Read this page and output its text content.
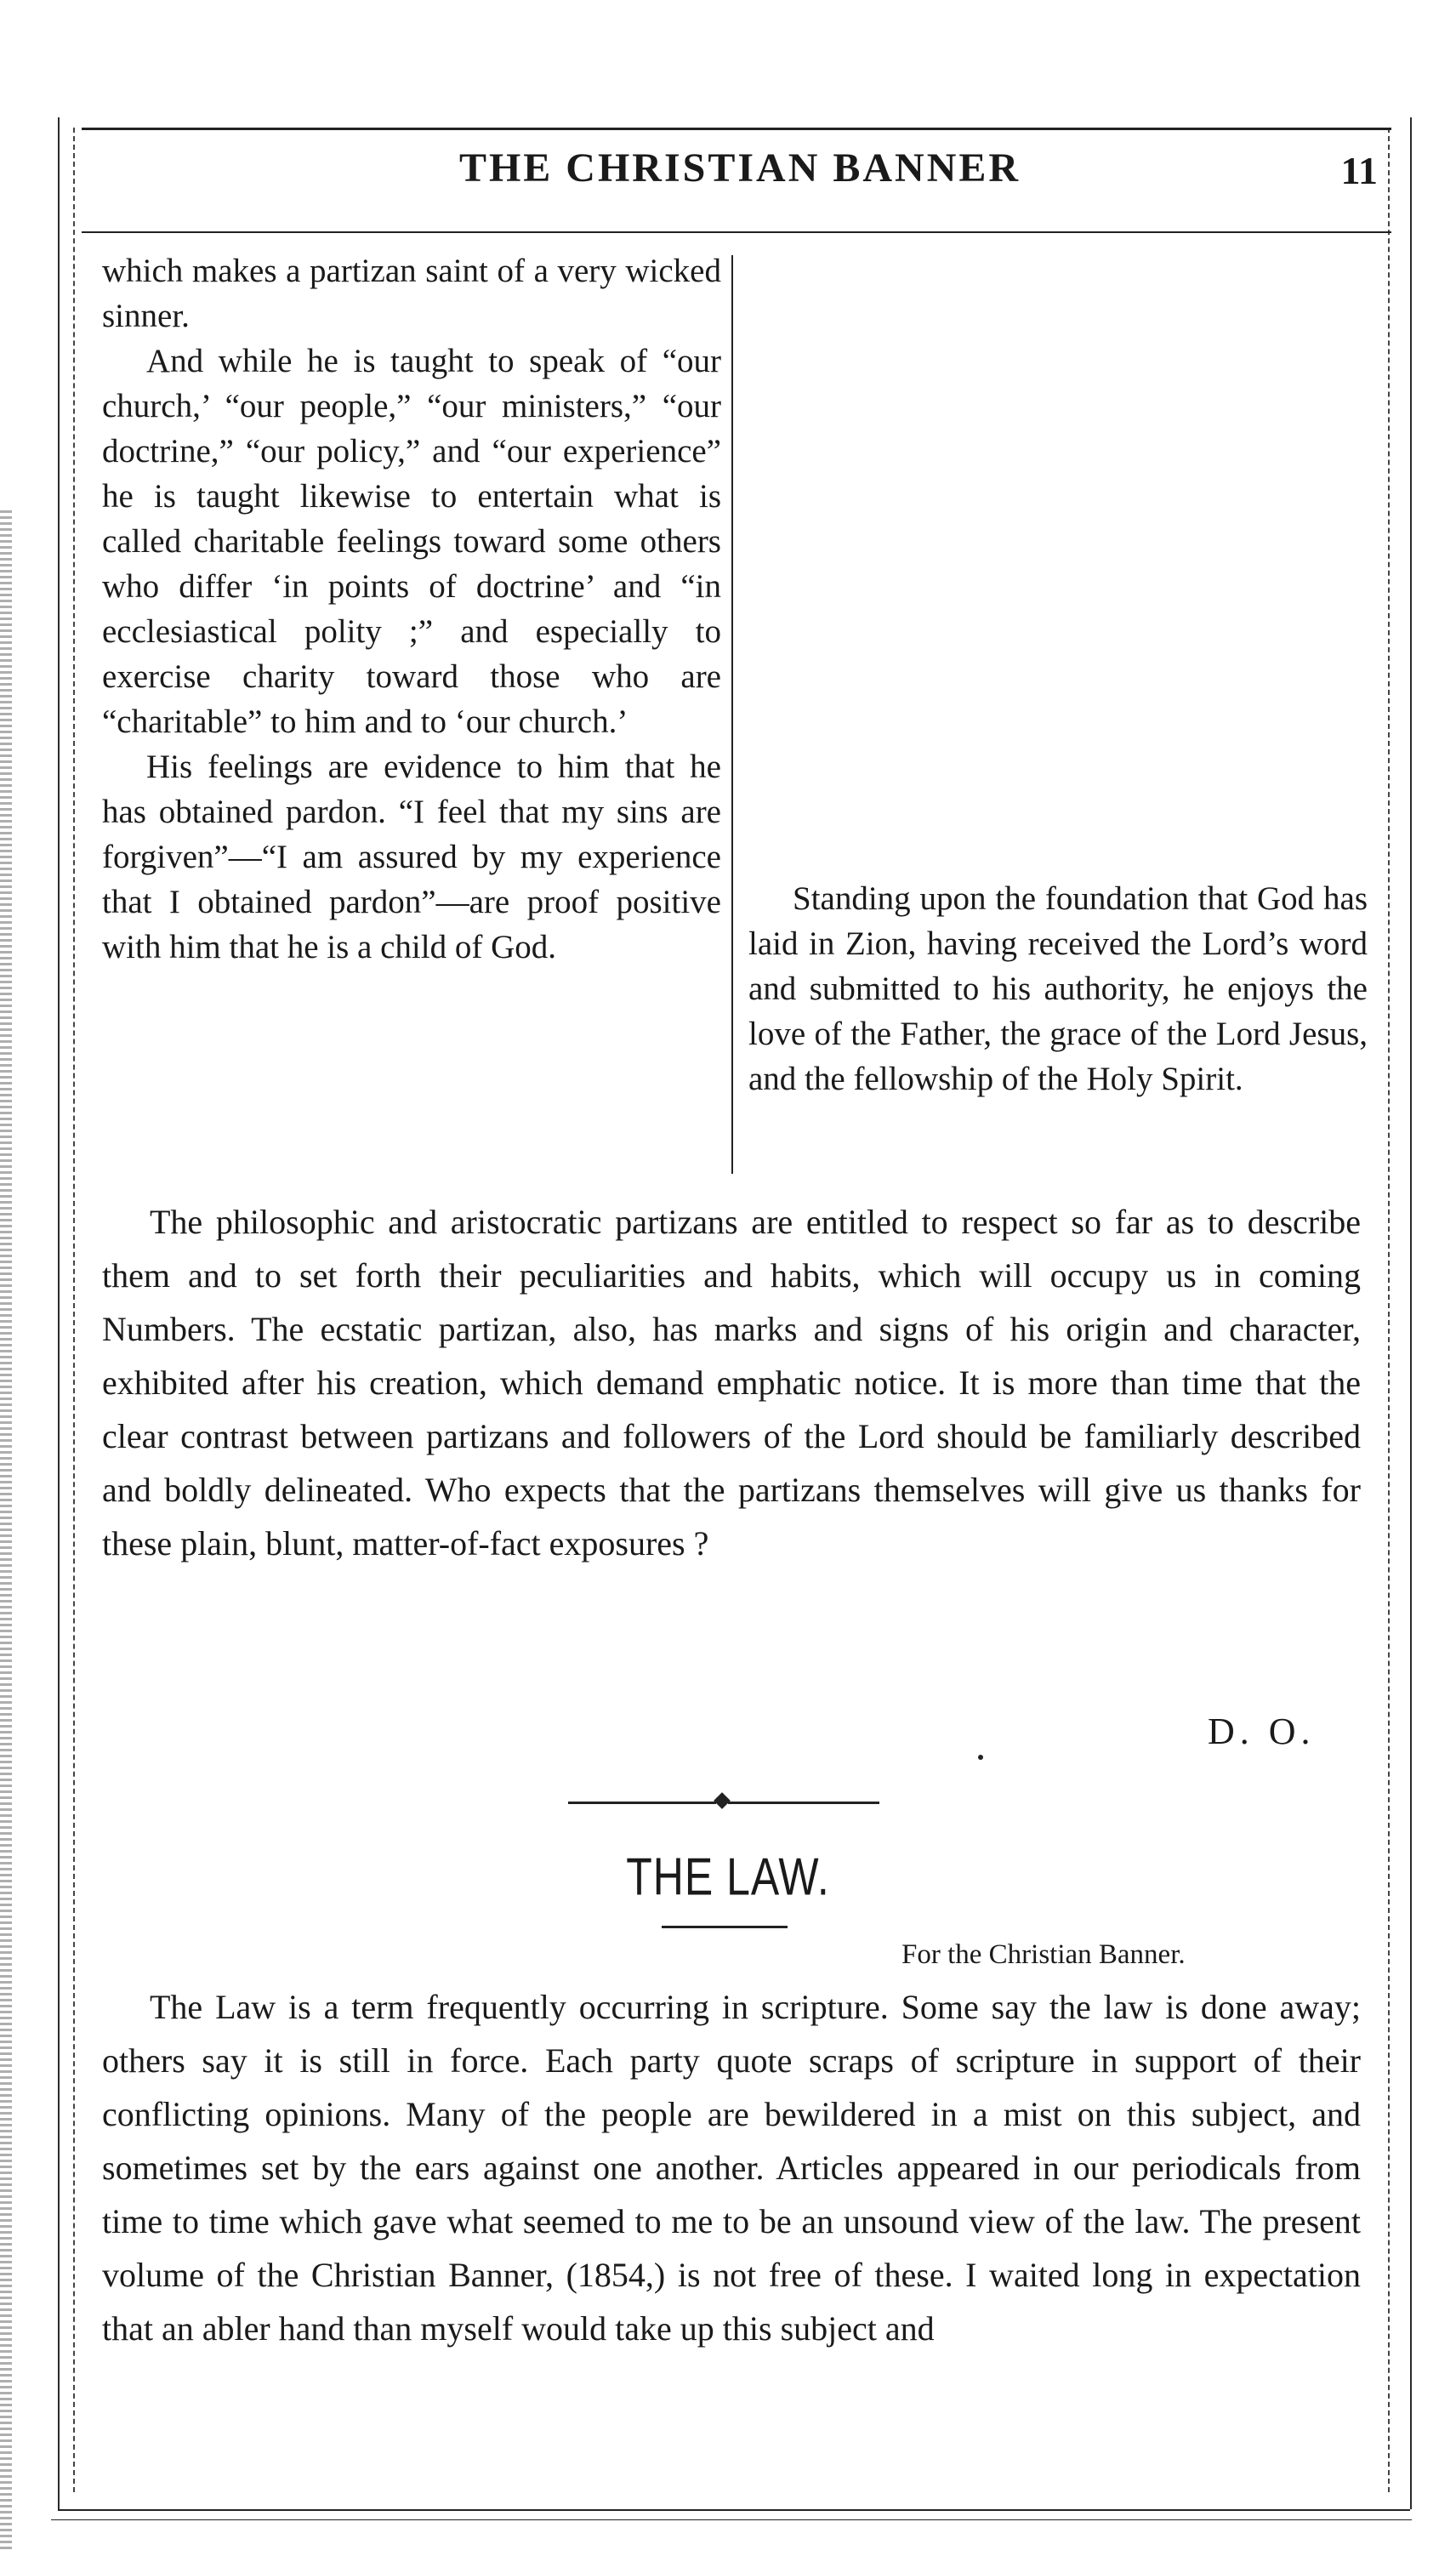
THE CHRISTIAN BANNER	11

which makes a partizan saint of a very wicked sinner.

And while he is taught to speak of “our church,’ “our people,” “our ministers,” “our doctrine,” “our policy,” and “our experience” he is taught likewise to entertain what is called charitable feelings toward some others who differ ‘in points of doctrine’ and “in ecclesiastical polity ;” and especially to exercise charity toward those who are “charitable” to him and to ‘our church.’

His feelings are evidence to him that he has obtained pardon. “I feel that my sins are forgiven”—“I am assured by my experience that I obtained pardon”—are proof positive with him that he is a child of God.

Standing upon the foundation that God has laid in Zion, having received the Lord’s word and submitted to his authority, he enjoys the love of the Father, the grace of the Lord Jesus, and the fellowship of the Holy Spirit.

The philosophic and aristocratic partizans are entitled to respect so far as to describe them and to set forth their peculiarities and habits, which will occupy us in coming Numbers. The ecstatic partizan, also, has marks and signs of his origin and character, exhibited after his creation, which demand emphatic notice. It is more than time that the clear contrast between partizans and followers of the Lord should be familiarly described and boldly delineated. Who expects that the partizans themselves will give us thanks for these plain, blunt, matter-of-fact exposures ?

D. O.
THE LAW.
For the Christian Banner.

The Law is a term frequently occurring in scripture. Some say the law is done away; others say it is still in force. Each party quote scraps of scripture in support of their conflicting opinions. Many of the people are bewildered in a mist on this subject, and sometimes set by the ears against one another. Articles appeared in our periodicals from time to time which gave what seemed to me to be an unsound view of the law. The present volume of the Christian Banner, (1854,) is not free of these. I waited long in expectation that an abler hand than myself would take up this subject and
